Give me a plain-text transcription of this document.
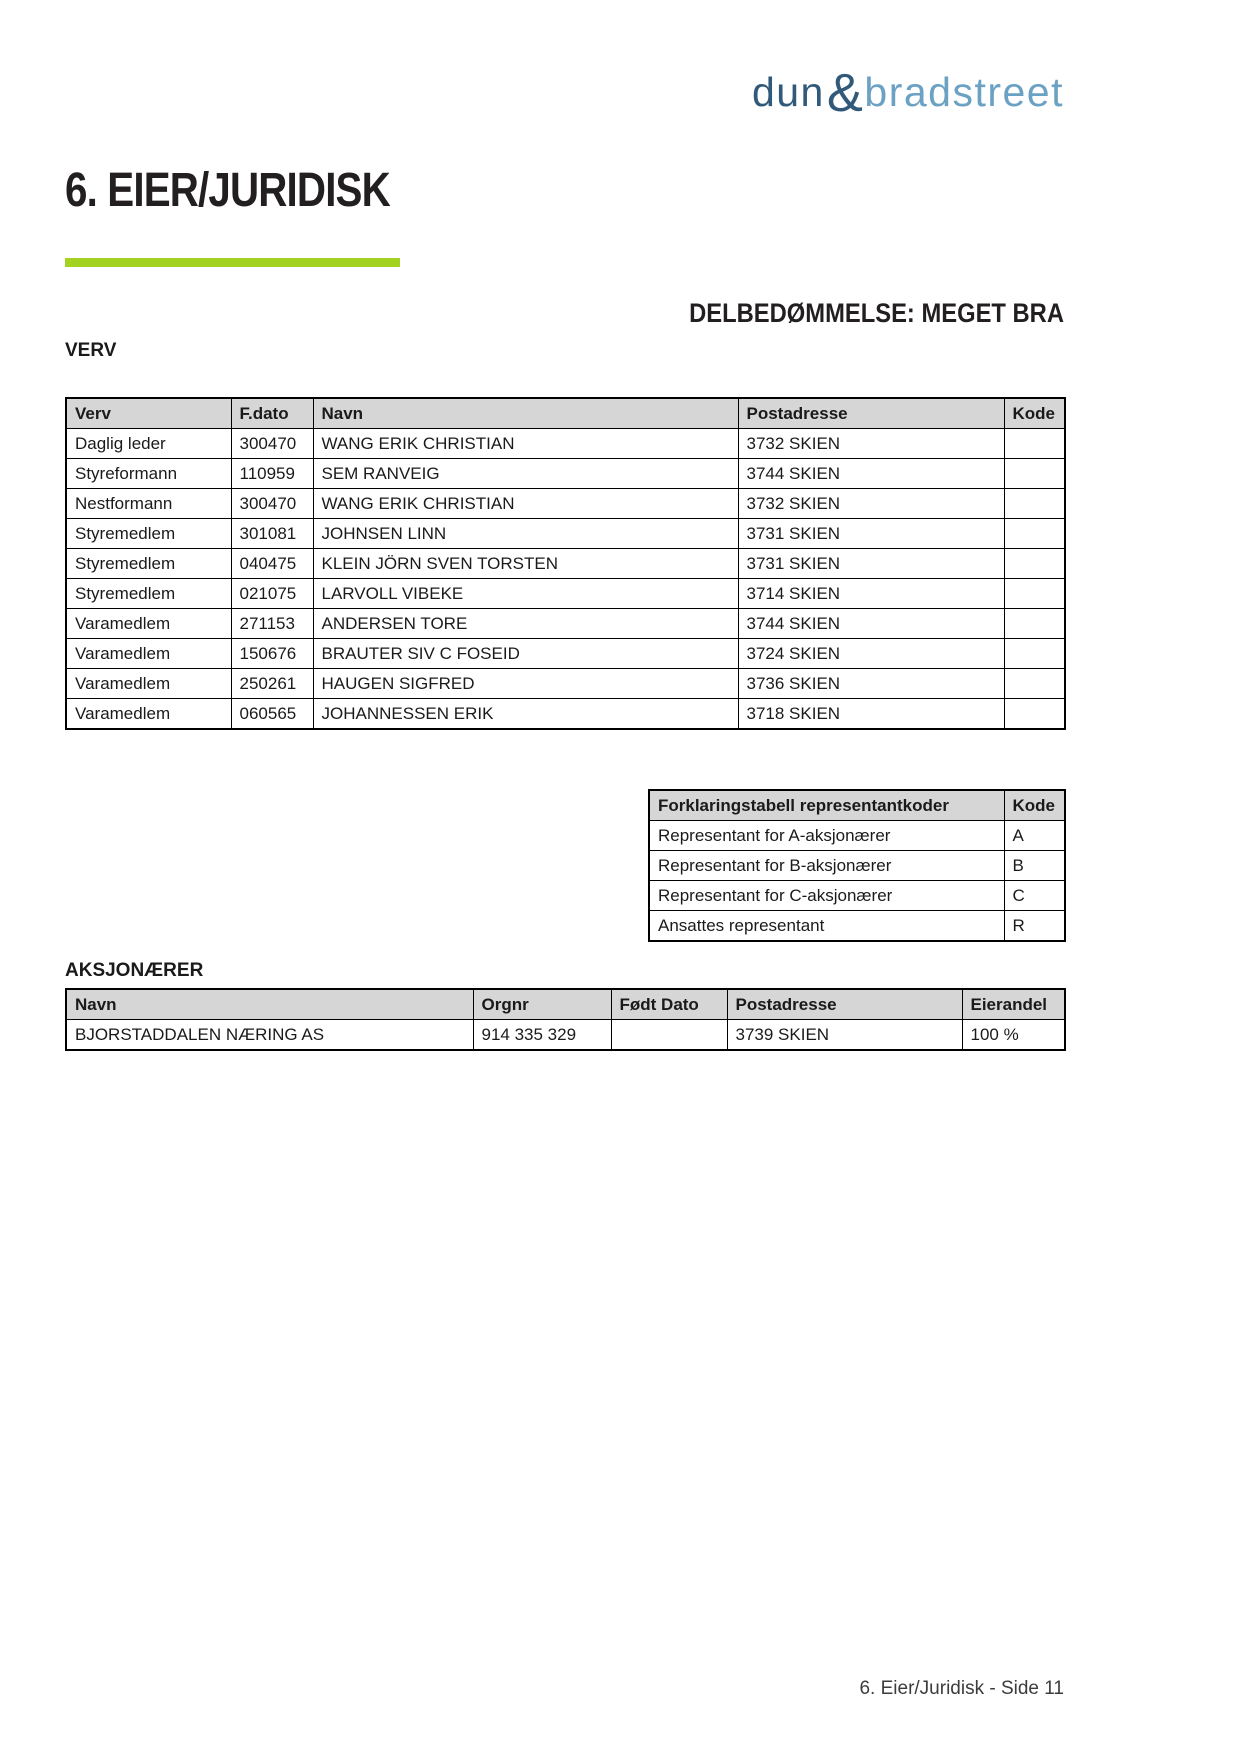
dun&bradstreet
6. EIER/JURIDISK
DELBEDØMMELSE: MEGET BRA
VERV
Verv	F.dato	Navn	Postadresse	Kode
Daglig leder	300470	WANG ERIK CHRISTIAN	3732 SKIEN	
Styreformann	110959	SEM RANVEIG	3744 SKIEN	
Nestformann	300470	WANG ERIK CHRISTIAN	3732 SKIEN	
Styremedlem	301081	JOHNSEN LINN	3731 SKIEN	
Styremedlem	040475	KLEIN JÖRN SVEN TORSTEN	3731 SKIEN	
Styremedlem	021075	LARVOLL VIBEKE	3714 SKIEN	
Varamedlem	271153	ANDERSEN TORE	3744 SKIEN	
Varamedlem	150676	BRAUTER SIV C FOSEID	3724 SKIEN	
Varamedlem	250261	HAUGEN SIGFRED	3736 SKIEN	
Varamedlem	060565	JOHANNESSEN ERIK	3718 SKIEN	
Forklaringstabell representantkoder	Kode
Representant for A-aksjonærer	A
Representant for B-aksjonærer	B
Representant for C-aksjonærer	C
Ansattes representant	R
AKSJONÆRER
Navn	Orgnr	Født Dato	Postadresse	Eierandel
BJORSTADDALEN NÆRING AS	914 335 329		3739 SKIEN	100 %
6. Eier/Juridisk - Side 11
